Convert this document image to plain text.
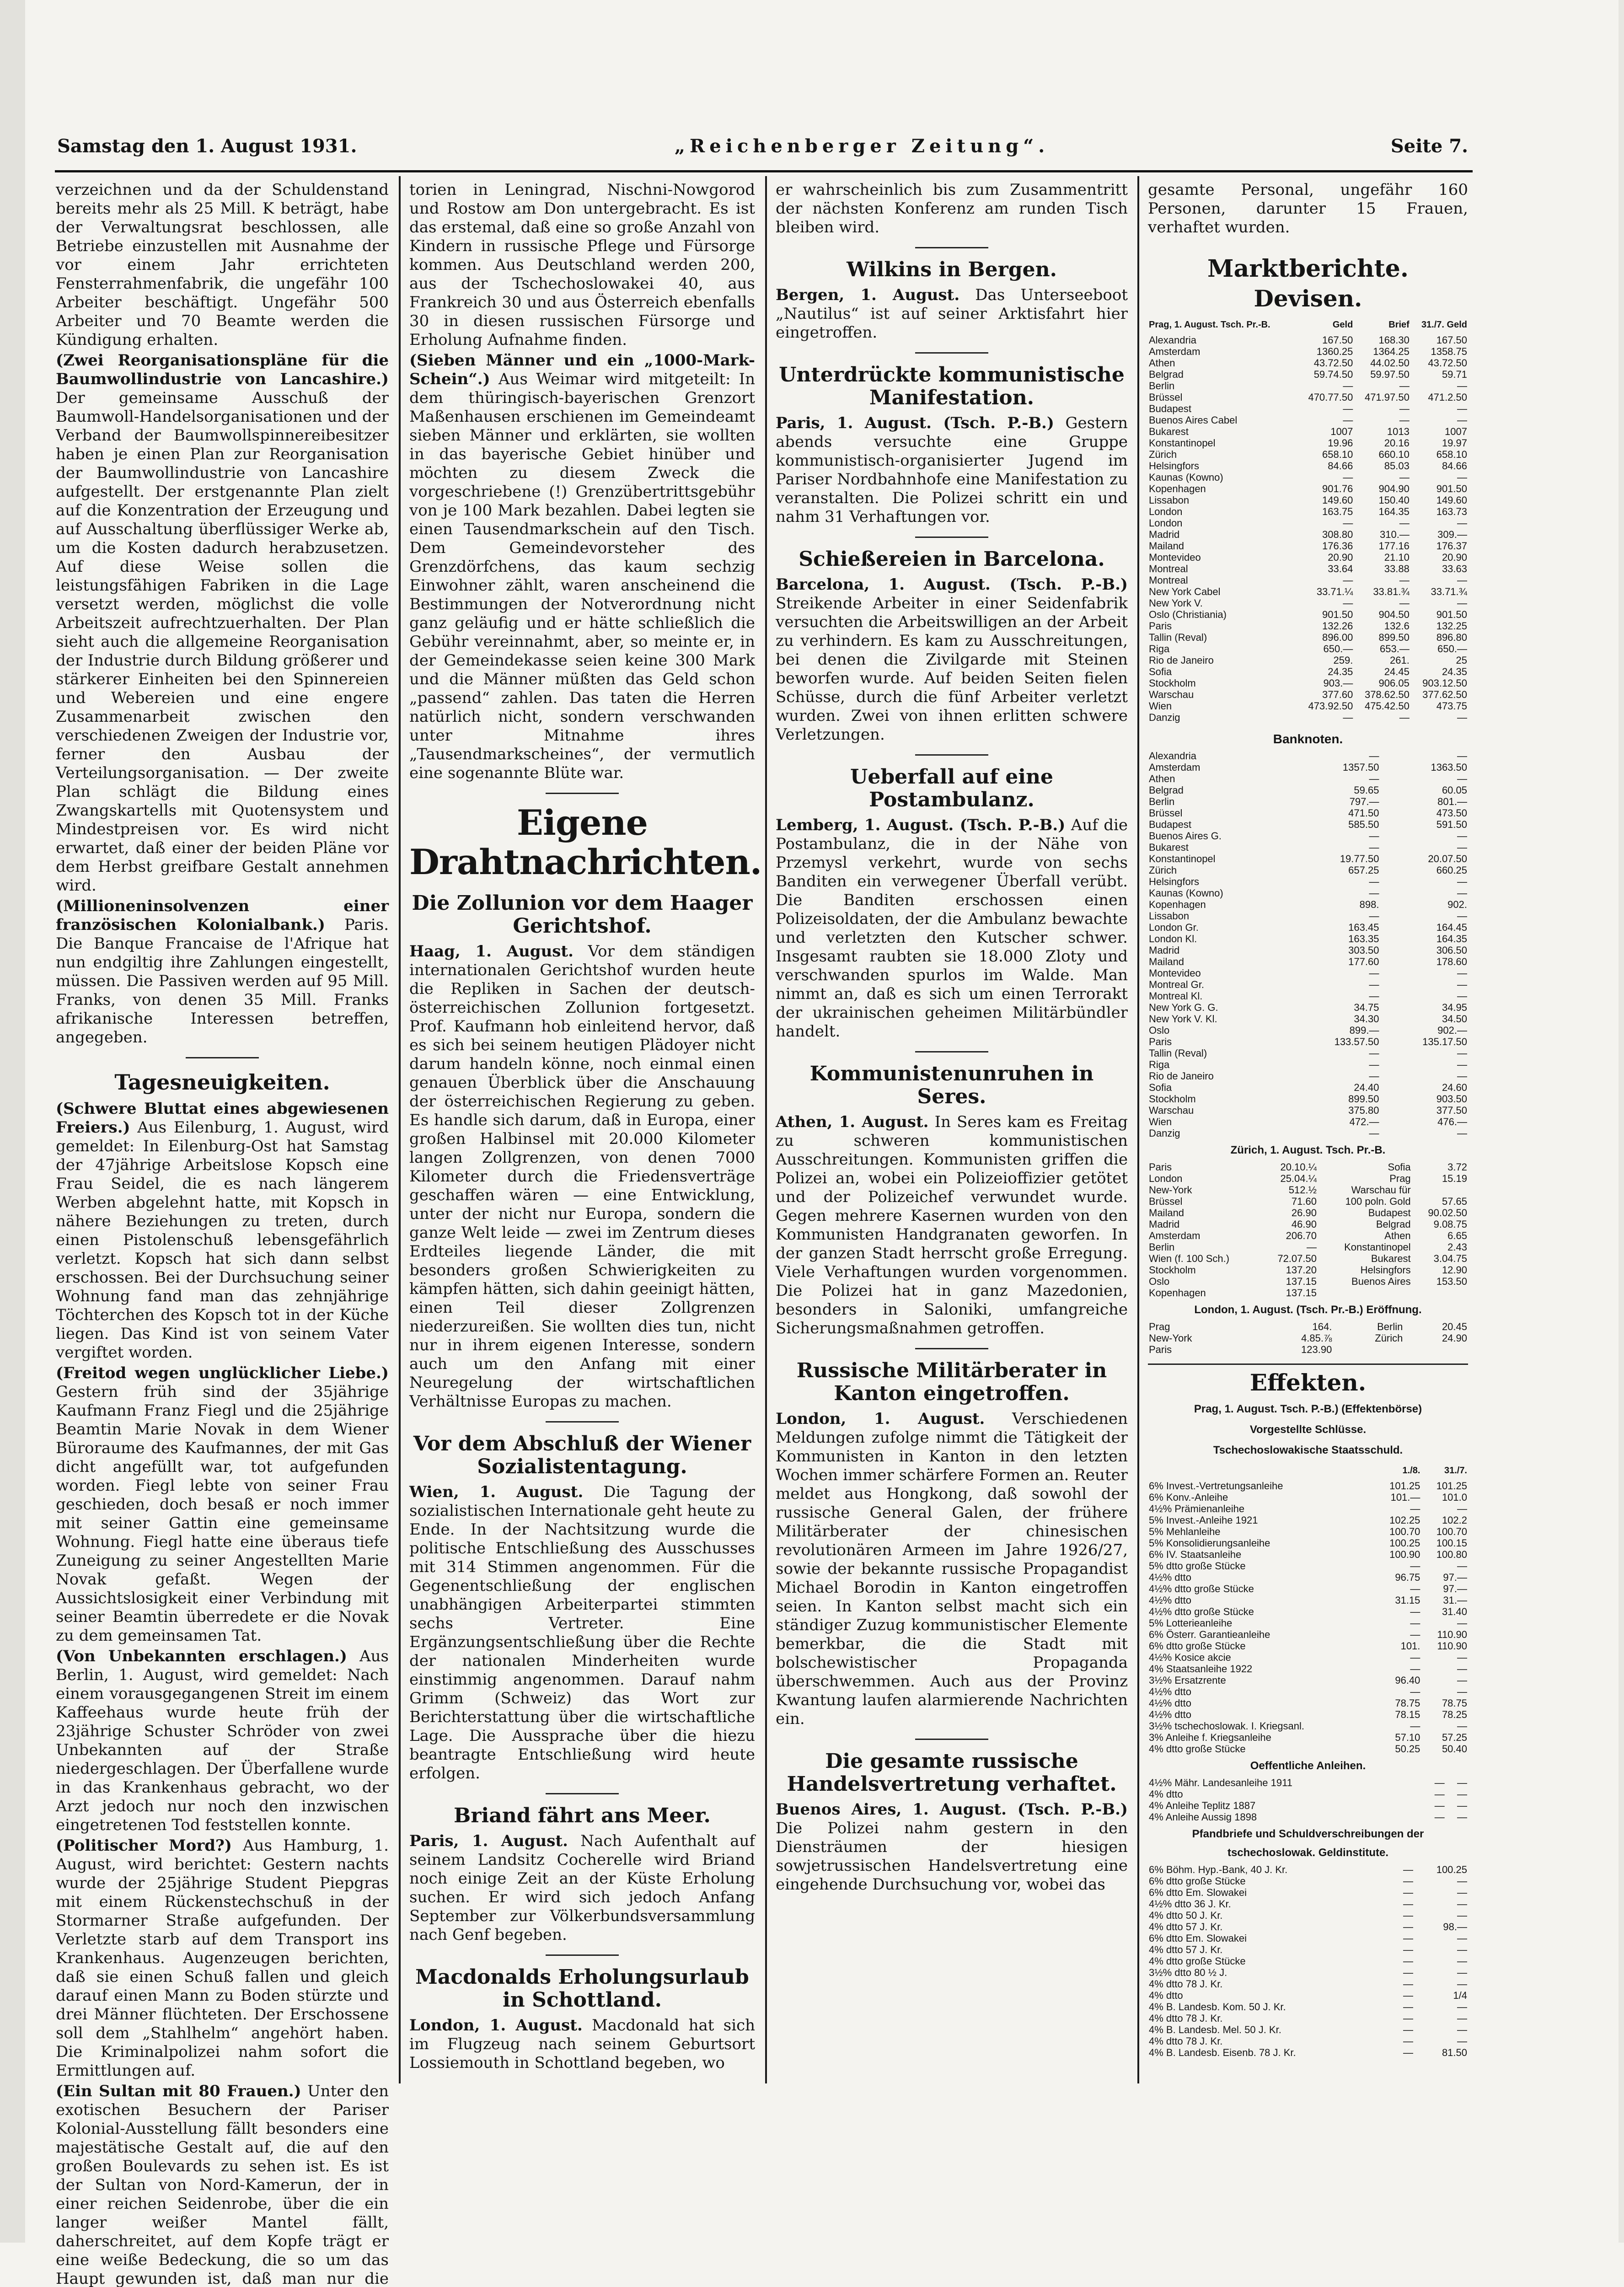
Samstag den 1. August 1931.	„Reichenberger Zeitung“.	Seite 7.

verzeichnen und da der Schuldenstand bereits mehr als 25 Mill. K beträgt, habe der Verwaltungsrat beschlossen, alle Betriebe einzustellen mit Ausnahme der vor einem Jahr errichteten Fensterrahmenfabrik, die ungefähr 100 Arbeiter beschäftigt. Ungefähr 500 Arbeiter und 70 Beamte werden die Kündigung erhalten.

(Zwei Reorganisationspläne für die Baumwollindustrie von Lancashire.) Der gemeinsame Ausschuß der Baumwoll-Handelsorganisationen und der Verband der Baumwollspinnereibesitzer haben je einen Plan zur Reorganisation der Baumwollindustrie von Lancashire aufgestellt. Der erstgenannte Plan zielt auf die Konzentration der Erzeugung und auf Ausschaltung überflüssiger Werke ab, um die Kosten dadurch herabzusetzen. Auf diese Weise sollen die leistungsfähigen Fabriken in die Lage versetzt werden, möglichst die volle Arbeitszeit aufrechtzuerhalten. Der Plan sieht auch die allgemeine Reorganisation der Industrie durch Bildung größerer und stärkerer Einheiten bei den Spinnereien und Webereien und eine engere Zusammenarbeit zwischen den verschiedenen Zweigen der Industrie vor, ferner den Ausbau der Verteilungsorganisation. — Der zweite Plan schlägt die Bildung eines Zwangskartells mit Quotensystem und Mindestpreisen vor. Es wird nicht erwartet, daß einer der beiden Pläne vor dem Herbst greifbare Gestalt annehmen wird.

(Millioneninsolvenzen einer französischen Kolonialbank.) Paris. Die Banque Francaise de l'Afrique hat nun endgiltig ihre Zahlungen eingestellt, müssen. Die Passiven werden auf 95 Mill. Franks, von denen 35 Mill. Franks afrikanische Interessen betreffen, angegeben.

Tagesneuigkeiten.

(Schwere Bluttat eines abgewiesenen Freiers.) Aus Eilenburg, 1. August, wird gemeldet: In Eilenburg-Ost hat Samstag der 47jährige Arbeitslose Kopsch eine Frau Seidel, die es nach längerem Werben abgelehnt hatte, mit Kopsch in nähere Beziehungen zu treten, durch einen Pistolenschuß lebensgefährlich verletzt. Kopsch hat sich dann selbst erschossen. Bei der Durchsuchung seiner Wohnung fand man das zehnjährige Töchterchen des Kopsch tot in der Küche liegen. Das Kind ist von seinem Vater vergiftet worden.

(Freitod wegen unglücklicher Liebe.) Gestern früh sind der 35jährige Kaufmann Franz Fiegl und die 25jährige Beamtin Marie Novak in dem Wiener Büroraume des Kaufmannes, der mit Gas dicht angefüllt war, tot aufgefunden worden. Fiegl lebte von seiner Frau geschieden, doch besaß er noch immer mit seiner Gattin eine gemeinsame Wohnung. Fiegl hatte eine überaus tiefe Zuneigung zu seiner Angestellten Marie Novak gefaßt. Wegen der Aussichtslosigkeit einer Verbindung mit seiner Beamtin überredete er die Novak zu dem gemeinsamen Tat.

(Von Unbekannten erschlagen.) Aus Berlin, 1. August, wird gemeldet: Nach einem vorausgegangenen Streit im einem Kaffeehaus wurde heute früh der 23jährige Schuster Schröder von zwei Unbekannten auf der Straße niedergeschlagen. Der Überfallene wurde in das Krankenhaus gebracht, wo der Arzt jedoch nur noch den inzwischen eingetretenen Tod feststellen konnte.

(Politischer Mord?) Aus Hamburg, 1. August, wird berichtet: Gestern nachts wurde der 25jährige Student Piepgras mit einem Rückenstechschuß in der Stormarner Straße aufgefunden. Der Verletzte starb auf dem Transport ins Krankenhaus. Augenzeugen berichten, daß sie einen Schuß fallen und gleich darauf einen Mann zu Boden stürzte und drei Männer flüchteten. Der Erschossene soll dem „Stahlhelm“ angehört haben. Die Kriminalpolizei nahm sofort die Ermittlungen auf.

(Ein Sultan mit 80 Frauen.) Unter den exotischen Besuchern der Pariser Kolonial-Ausstellung fällt besonders eine majestätische Gestalt auf, die auf den großen Boulevards zu sehen ist. Es ist der Sultan von Nord-Kamerun, der in einer reichen Seidenrobe, über die ein langer weißer Mantel fällt, daherschreitet, auf dem Kopfe trägt er eine weiße Bedeckung, die so um das Haupt gewunden ist, daß man nur die

torien in Leningrad, Nischni-Nowgorod und Rostow am Don untergebracht. Es ist das erstemal, daß eine so große Anzahl von Kindern in russische Pflege und Fürsorge kommen. Aus Deutschland werden 200, aus der Tschechoslowakei 40, aus Frankreich 30 und aus Österreich ebenfalls 30 in diesen russischen Fürsorge und Erholung Aufnahme finden.

(Sieben Männer und ein „1000-Mark-Schein“.) Aus Weimar wird mitgeteilt: In dem thüringisch-bayerischen Grenzort Maßenhausen erschienen im Gemeindeamt sieben Männer und erklärten, sie wollten in das bayerische Gebiet hinüber und möchten zu diesem Zweck die vorgeschriebene (!) Grenzübertrittsgebühr von je 100 Mark bezahlen. Dabei legten sie einen Tausendmarkschein auf den Tisch. Dem Gemeindevorsteher des Grenzdörfchens, das kaum sechzig Einwohner zählt, waren anscheinend die Bestimmungen der Notverordnung nicht ganz geläufig und er hätte schließlich die Gebühr vereinnahmt, aber, so meinte er, in der Gemeindekasse seien keine 300 Mark und die Männer müßten das Geld schon „passend“ zahlen. Das taten die Herren natürlich nicht, sondern verschwanden unter Mitnahme ihres „Tausendmarkscheines“, der vermutlich eine sogenannte Blüte war.

Eigene Drahtnachrichten.
Die Zollunion vor dem Haager Gerichtshof.

Haag, 1. August. Vor dem ständigen internationalen Gerichtshof wurden heute die Repliken in Sachen der deutsch-österreichischen Zollunion fortgesetzt. Prof. Kaufmann hob einleitend hervor, daß es sich bei seinem heutigen Plädoyer nicht darum handeln könne, noch einmal einen genauen Überblick über die Anschauung der österreichischen Regierung zu geben. Es handle sich darum, daß in Europa, einer großen Halbinsel mit 20.000 Kilometer langen Zollgrenzen, von denen 7000 Kilometer durch die Friedensverträge geschaffen wären — eine Entwicklung, unter der nicht nur Europa, sondern die ganze Welt leide — zwei im Zentrum dieses Erdteiles liegende Länder, die mit besonders großen Schwierigkeiten zu kämpfen hätten, sich dahin geeinigt hätten, einen Teil dieser Zollgrenzen niederzureißen. Sie wollten dies tun, nicht nur in ihrem eigenen Interesse, sondern auch um den Anfang mit einer Neuregelung der wirtschaftlichen Verhältnisse Europas zu machen.

Vor dem Abschluß der Wiener Sozialistentagung.

Wien, 1. August. Die Tagung der sozialistischen Internationale geht heute zu Ende. In der Nachtsitzung wurde die politische Entschließung des Ausschusses mit 314 Stimmen angenommen. Für die Gegenentschließung der englischen unabhängigen Arbeiterpartei stimmten sechs Vertreter. Eine Ergänzungsentschließung über die Rechte der nationalen Minderheiten wurde einstimmig angenommen. Darauf nahm Grimm (Schweiz) das Wort zur Berichterstattung über die wirtschaftliche Lage. Die Aussprache über die hiezu beantragte Entschließung wird heute erfolgen.

Briand fährt ans Meer.

Paris, 1. August. Nach Aufenthalt auf seinem Landsitz Cocherelle wird Briand noch einige Zeit an der Küste Erholung suchen. Er wird sich jedoch Anfang September zur Völkerbundsversammlung nach Genf begeben.

Macdonalds Erholungsurlaub in Schottland.

London, 1. August. Macdonald hat sich im Flugzeug nach seinem Geburtsort Lossiemouth in Schottland begeben, wo

er wahrscheinlich bis zum Zusammentritt der nächsten Konferenz am runden Tisch bleiben wird.

Wilkins in Bergen.

Bergen, 1. August. Das Unterseeboot „Nautilus“ ist auf seiner Arktisfahrt hier eingetroffen.

Unterdrückte kommunistische Manifestation.

Paris, 1. August. (Tsch. P.-B.) Gestern abends versuchte eine Gruppe kommunistisch-organisierter Jugend im Pariser Nordbahnhofe eine Manifestation zu veranstalten. Die Polizei schritt ein und nahm 31 Verhaftungen vor.

Schießereien in Barcelona.

Barcelona, 1. August. (Tsch. P.-B.) Streikende Arbeiter in einer Seidenfabrik versuchten die Arbeitswilligen an der Arbeit zu verhindern. Es kam zu Ausschreitungen, bei denen die Zivilgarde mit Steinen beworfen wurde. Auf beiden Seiten fielen Schüsse, durch die fünf Arbeiter verletzt wurden. Zwei von ihnen erlitten schwere Verletzungen.

Ueberfall auf eine Postambulanz.

Lemberg, 1. August. (Tsch. P.-B.) Auf die Postambulanz, die in der Nähe von Przemysl verkehrt, wurde von sechs Banditen ein verwegener Überfall verübt. Die Banditen erschossen einen Polizeisoldaten, der die Ambulanz bewachte und verletzten den Kutscher schwer. Insgesamt raubten sie 18.000 Zloty und verschwanden spurlos im Walde. Man nimmt an, daß es sich um einen Terrorakt der ukrainischen geheimen Militärbündler handelt.

Kommunistenunruhen in Seres.

Athen, 1. August. In Seres kam es Freitag zu schweren kommunistischen Ausschreitungen. Kommunisten griffen die Polizei an, wobei ein Polizeioffizier getötet und der Polizeichef verwundet wurde. Gegen mehrere Kasernen wurden von den Kommunisten Handgranaten geworfen. In der ganzen Stadt herrscht große Erregung. Viele Verhaftungen wurden vorgenommen. Die Polizei hat in ganz Mazedonien, besonders in Saloniki, umfangreiche Sicherungsmaßnahmen getroffen.

Russische Militärberater in Kanton eingetroffen.

London, 1. August. Verschiedenen Meldungen zufolge nimmt die Tätigkeit der Kommunisten in Kanton in den letzten Wochen immer schärfere Formen an. Reuter meldet aus Hongkong, daß sowohl der russische General Galen, der frühere Militärberater der chinesischen revolutionären Armeen im Jahre 1926/27, sowie der bekannte russische Propagandist Michael Borodin in Kanton eingetroffen seien. In Kanton selbst macht sich ein ständiger Zuzug kommunistischer Elemente bemerkbar, die die Stadt mit bolschewistischer Propaganda überschwemmen. Auch aus der Provinz Kwantung laufen alarmierende Nachrichten ein.

Die gesamte russische Handelsvertretung verhaftet.

Buenos Aires, 1. August. (Tsch. P.-B.) Die Polizei nahm gestern in den Diensträumen der hiesigen sowjetrussischen Handelsvertretung eine eingehende Durchsuchung vor, wobei das

gesamte Personal, ungefähr 160 Personen, darunter 15 Frauen, verhaftet wurden.

Marktberichte.
Devisen.
Prag, 1. August. Tsch. Pr.-B.	Geld	Brief	31./7. Geld
Alexandria	167.50	168.30	167.50
Amsterdam	1360.25	1364.25	1358.75
Athen	43.72.50	44.02.50	43.72.50
Belgrad	59.74.50	59.97.50	59.71
Berlin	—	—	—
Brüssel	470.77.50	471.97.50	471.2.50
Budapest	—	—	—
Buenos Aires Cabel	—	—	—
Bukarest	1007	1013	1007
Konstantinopel	19.96	20.16	19.97
Zürich	658.10	660.10	658.10
Helsingfors	84.66	85.03	84.66
Kaunas (Kowno)	—	—	—
Kopenhagen	901.76	904.90	901.50
Lissabon	149.60	150.40	149.60
London	163.75	164.35	163.73
London	—	—	—
Madrid	308.80	310.—	309.—
Mailand	176.36	177.16	176.37
Montevideo	20.90	21.10	20.90
Montreal	33.64	33.88	33.63
Montreal	—	—	—
New York Cabel	33.71.¼	33.81.¾	33.71.¾
New York V.	—	—	—
Oslo (Christiania)	901.50	904.50	901.50
Paris	132.26	132.6	132.25
Tallin (Reval)	896.00	899.50	896.80
Riga	650.—	653.—	650.—
Rio de Janeiro	259.	261.	25
Sofia	24.35	24.45	24.35
Stockholm	903.—	906.05	903.12.50
Warschau	377.60	378.62.50	377.62.50
Wien	473.92.50	475.42.50	473.75
Danzig	—	—	—
Banknoten.
Alexandria	—	—
Amsterdam	1357.50	1363.50
Athen	—	—
Belgrad	59.65	60.05
Berlin	797.—	801.—
Brüssel	471.50	473.50
Budapest	585.50	591.50
Buenos Aires G.	—	—
Bukarest	—	—
Konstantinopel	19.77.50	20.07.50
Zürich	657.25	660.25
Helsingfors	—	—
Kaunas (Kowno)	—	—
Kopenhagen	898.	902.
Lissabon	—	—
London Gr.	163.45	164.45
London Kl.	163.35	164.35
Madrid	303.50	306.50
Mailand	177.60	178.60
Montevideo	—	—
Montreal Gr.	—	—
Montreal Kl.	—	—
New York G. G.	34.75	34.95
New York V. Kl.	34.30	34.50
Oslo	899.—	902.—
Paris	133.57.50	135.17.50
Tallin (Reval)	—	—
Riga	—	—
Rio de Janeiro	—	—
Sofia	24.40	24.60
Stockholm	899.50	903.50
Warschau	375.80	377.50
Wien	472.—	476.—
Danzig	—	—
Zürich, 1. August. Tsch. Pr.-B.
Paris	20.10.¼	Sofia	3.72
London	25.04.¼	Prag	15.19
New-York	512.½	Warschau für	
Brüssel	71.60	100 poln. Gold	57.65
Mailand	26.90	Budapest	90.02.50
Madrid	46.90	Belgrad	9.08.75
Amsterdam	206.70	Athen	6.65
Berlin	—	Konstantinopel	2.43
Wien (f. 100 Sch.)	72.07.50	Bukarest	3.04.75
Stockholm	137.20	Helsingfors	12.90
Oslo	137.15	Buenos Aires	153.50
Kopenhagen	137.15		
London, 1. August. (Tsch. Pr.-B.) Eröffnung.
Prag	164.	Berlin	20.45
New-York	4.85.⅞	Zürich	24.90
Paris	123.90		
Effekten.
Prag, 1. August. Tsch. P.-B.) (Effektenbörse)
Vorgestellte Schlüsse.
Tschechoslowakische Staatsschuld.
	1./8.	31./7.
6% Invest.-Vertretungsanleihe	101.25	101.25
6% Konv.-Anleihe	101.—	101.0
4½% Prämienanleihe	—	—
5% Invest.-Anleihe 1921	102.25	102.2
5% Mehlanleihe	100.70	100.70
5% Konsolidierungsanleihe	100.25	100.15
6% IV. Staatsanleihe	100.90	100.80
5% dtto große Stücke	—	—
4½% dtto	96.75	97.—
4½% dtto große Stücke	—	97.—
4½% dtto	31.15	31.—
4½% dtto große Stücke	—	31.40
5% Lotterieanleihe	—	—
6% Österr. Garantieanleihe	—	110.90
6% dtto große Stücke	101.	110.90
4½% Kosice akcie	—	—
4% Staatsanleihe 1922	—	—
3½% Ersatzrente	96.40	—
4½% dtto	—	—
4½% dtto	78.75	78.75
4½% dtto	78.15	78.25
3½% tschechoslowak. I. Kriegsanl.	—	—
3% Anleihe f. Kriegsanleihe	57.10	57.25
4% dtto große Stücke	50.25	50.40
Oeffentliche Anleihen.
4½% Mähr. Landesanleihe 1911	—	—
4% dtto	—	—
4% Anleihe Teplitz 1887	—	—
4% Anleihe Aussig 1898	—	—
Pfandbriefe und Schuldverschreibungen der tschechoslowak. Geldinstitute.
6% Böhm. Hyp.-Bank, 40 J. Kr.	—	100.25
6% dtto große Stücke	—	—
6% dtto Em. Slowakei	—	—
4½% dtto 36 J. Kr.	—	—
4% dtto 50 J. Kr.	—	—
4% dtto 57 J. Kr.	—	98.—
6% dtto Em. Slowakei	—	—
4% dtto 57 J. Kr.	—	—
4% dtto große Stücke	—	—
3½% dtto 80 ½ J.	—	—
4% dtto 78 J. Kr.	—	—
4% dtto	—	1/4
4% B. Landesb. Kom. 50 J. Kr.	—	—
4% dtto 78 J. Kr.	—	—
4% B. Landesb. Mel. 50 J. Kr.	—	—
4% dtto 78 J. Kr.	—	—
4% B. Landesb. Eisenb. 78 J. Kr.	—	81.50
